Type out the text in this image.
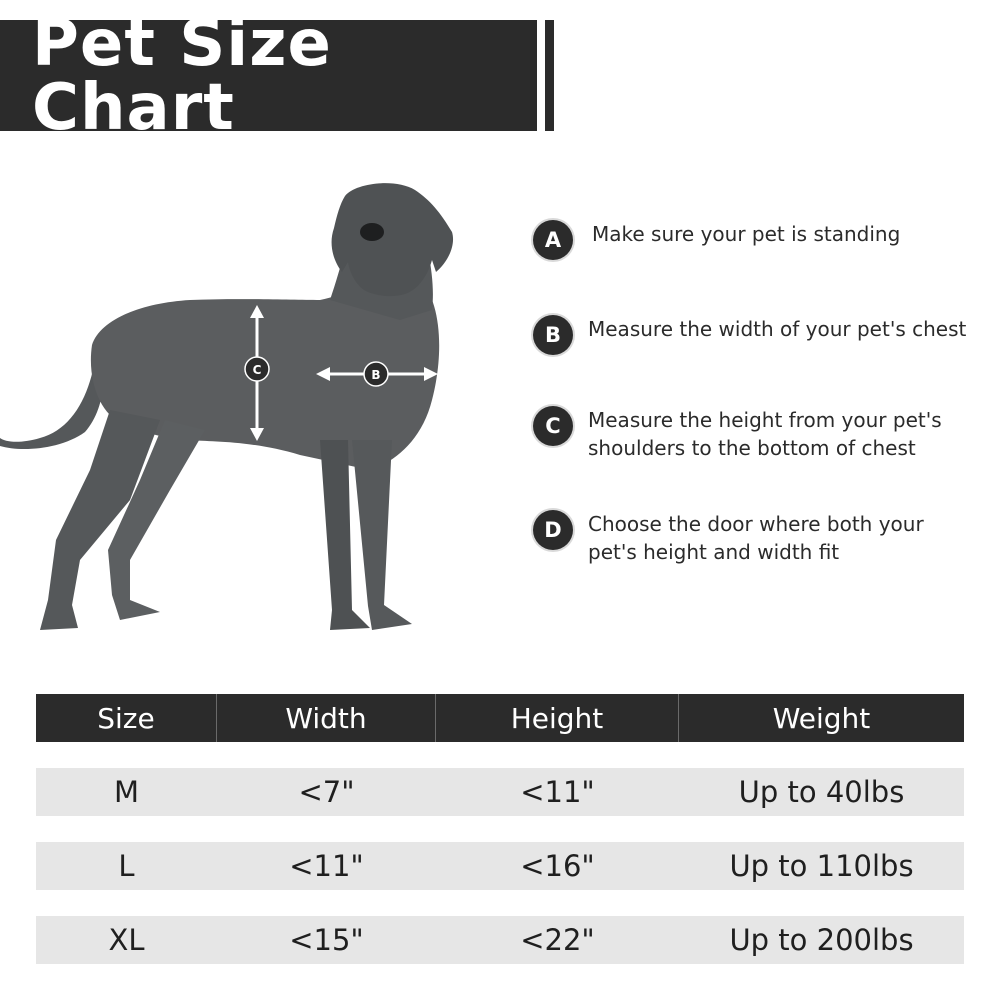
Pet Size Chart
C	B
A	Make sure your pet is standing
B	Measure the width of your pet's chest
C	Measure the height from your pet's
shoulders to the bottom of chest
D	Choose the door where both your
pet's height and width fit
Size	Width	Height	Weight
M	<7"	<11"	Up to 40lbs
L	<11"	<16"	Up to 110lbs
XL	<15"	<22"	Up to 200lbs
